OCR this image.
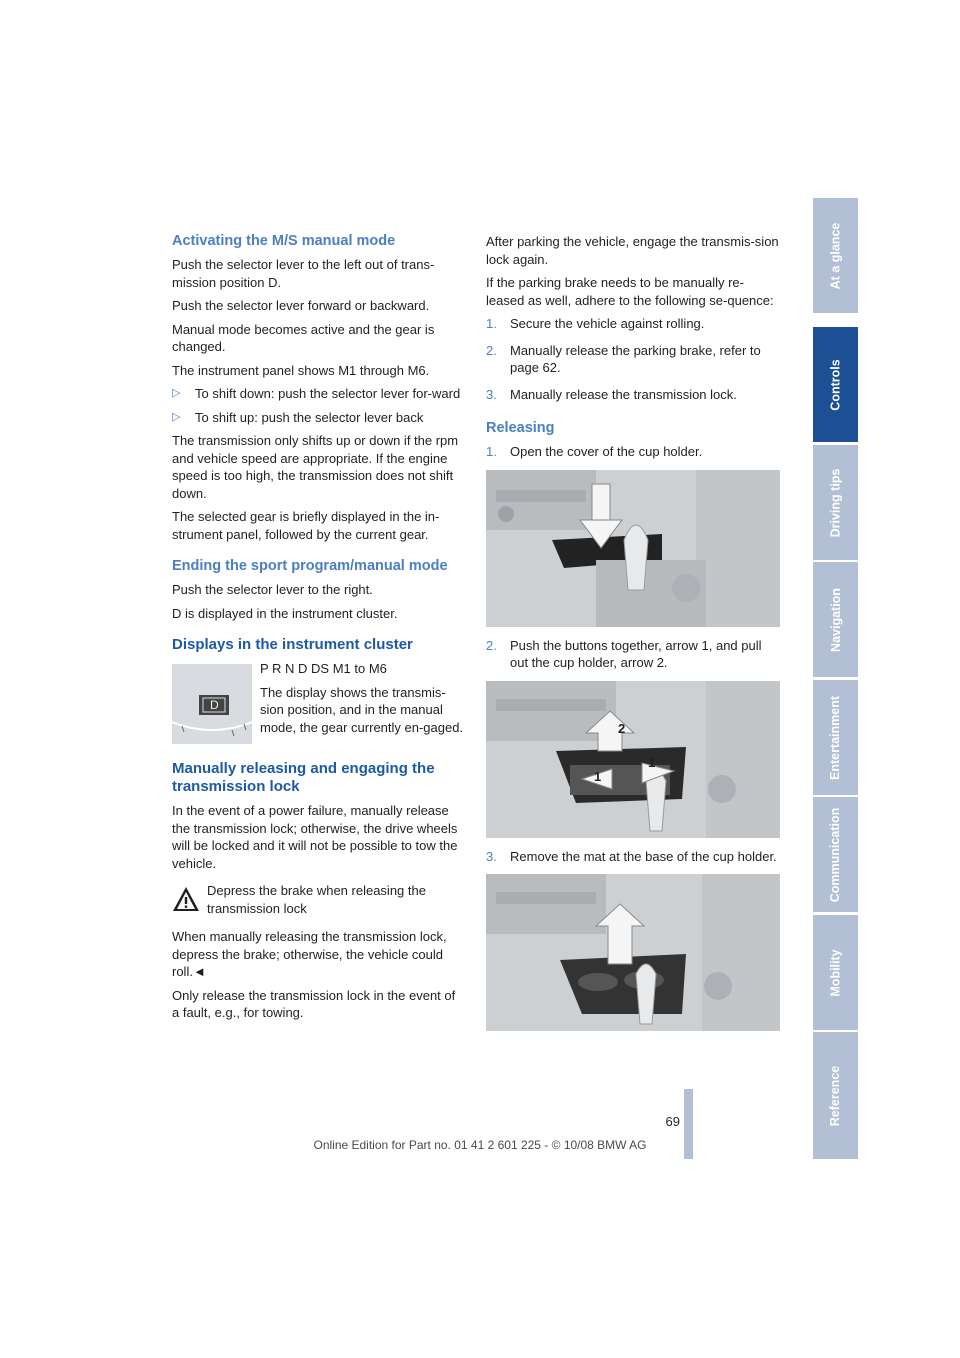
Activating the M/S manual mode

Push the selector lever to the left out of trans-mission position D.

Push the selector lever forward or backward.

Manual mode becomes active and the gear is changed.

The instrument panel shows M1 through M6.

▷ To shift down: push the selector lever for-ward

▷ To shift up: push the selector lever back

The transmission only shifts up or down if the rpm and vehicle speed are appropriate. If the engine speed is too high, the transmission does not shift down.

The selected gear is briefly displayed in the in-strument panel, followed by the current gear.

Ending the sport program/manual mode

Push the selector lever to the right.

D is displayed in the instrument cluster.

Displays in the instrument cluster
D

P R N D DS M1 to M6

The display shows the transmis-sion position, and in the manual mode, the gear currently en-gaged.

Manually releasing and engaging the transmission lock

In the event of a power failure, manually release the transmission lock; otherwise, the drive wheels will be locked and it will not be possible to tow the vehicle.

Depress the brake when releasing the transmission lock

When manually releasing the transmission lock, depress the brake; otherwise, the vehicle could roll.◄

Only release the transmission lock in the event of a fault, e.g., for towing.

After parking the vehicle, engage the transmis-sion lock again.

If the parking brake needs to be manually re-leased as well, adhere to the following se-quence:

1. Secure the vehicle against rolling.

2. Manually release the parking brake, refer to page 62.

3. Manually release the transmission lock.

Releasing

1. Open the cover of the cup holder.

2. Push the buttons together, arrow 1, and pull out the cup holder, arrow 2.

2
1
1

3. Remove the mat at the base of the cup holder.

At a glance
Controls
Driving tips
Navigation
Entertainment
Communication
Mobility
Reference
69
Online Edition for Part no. 01 41 2 601 225 - © 10/08 BMW AG
